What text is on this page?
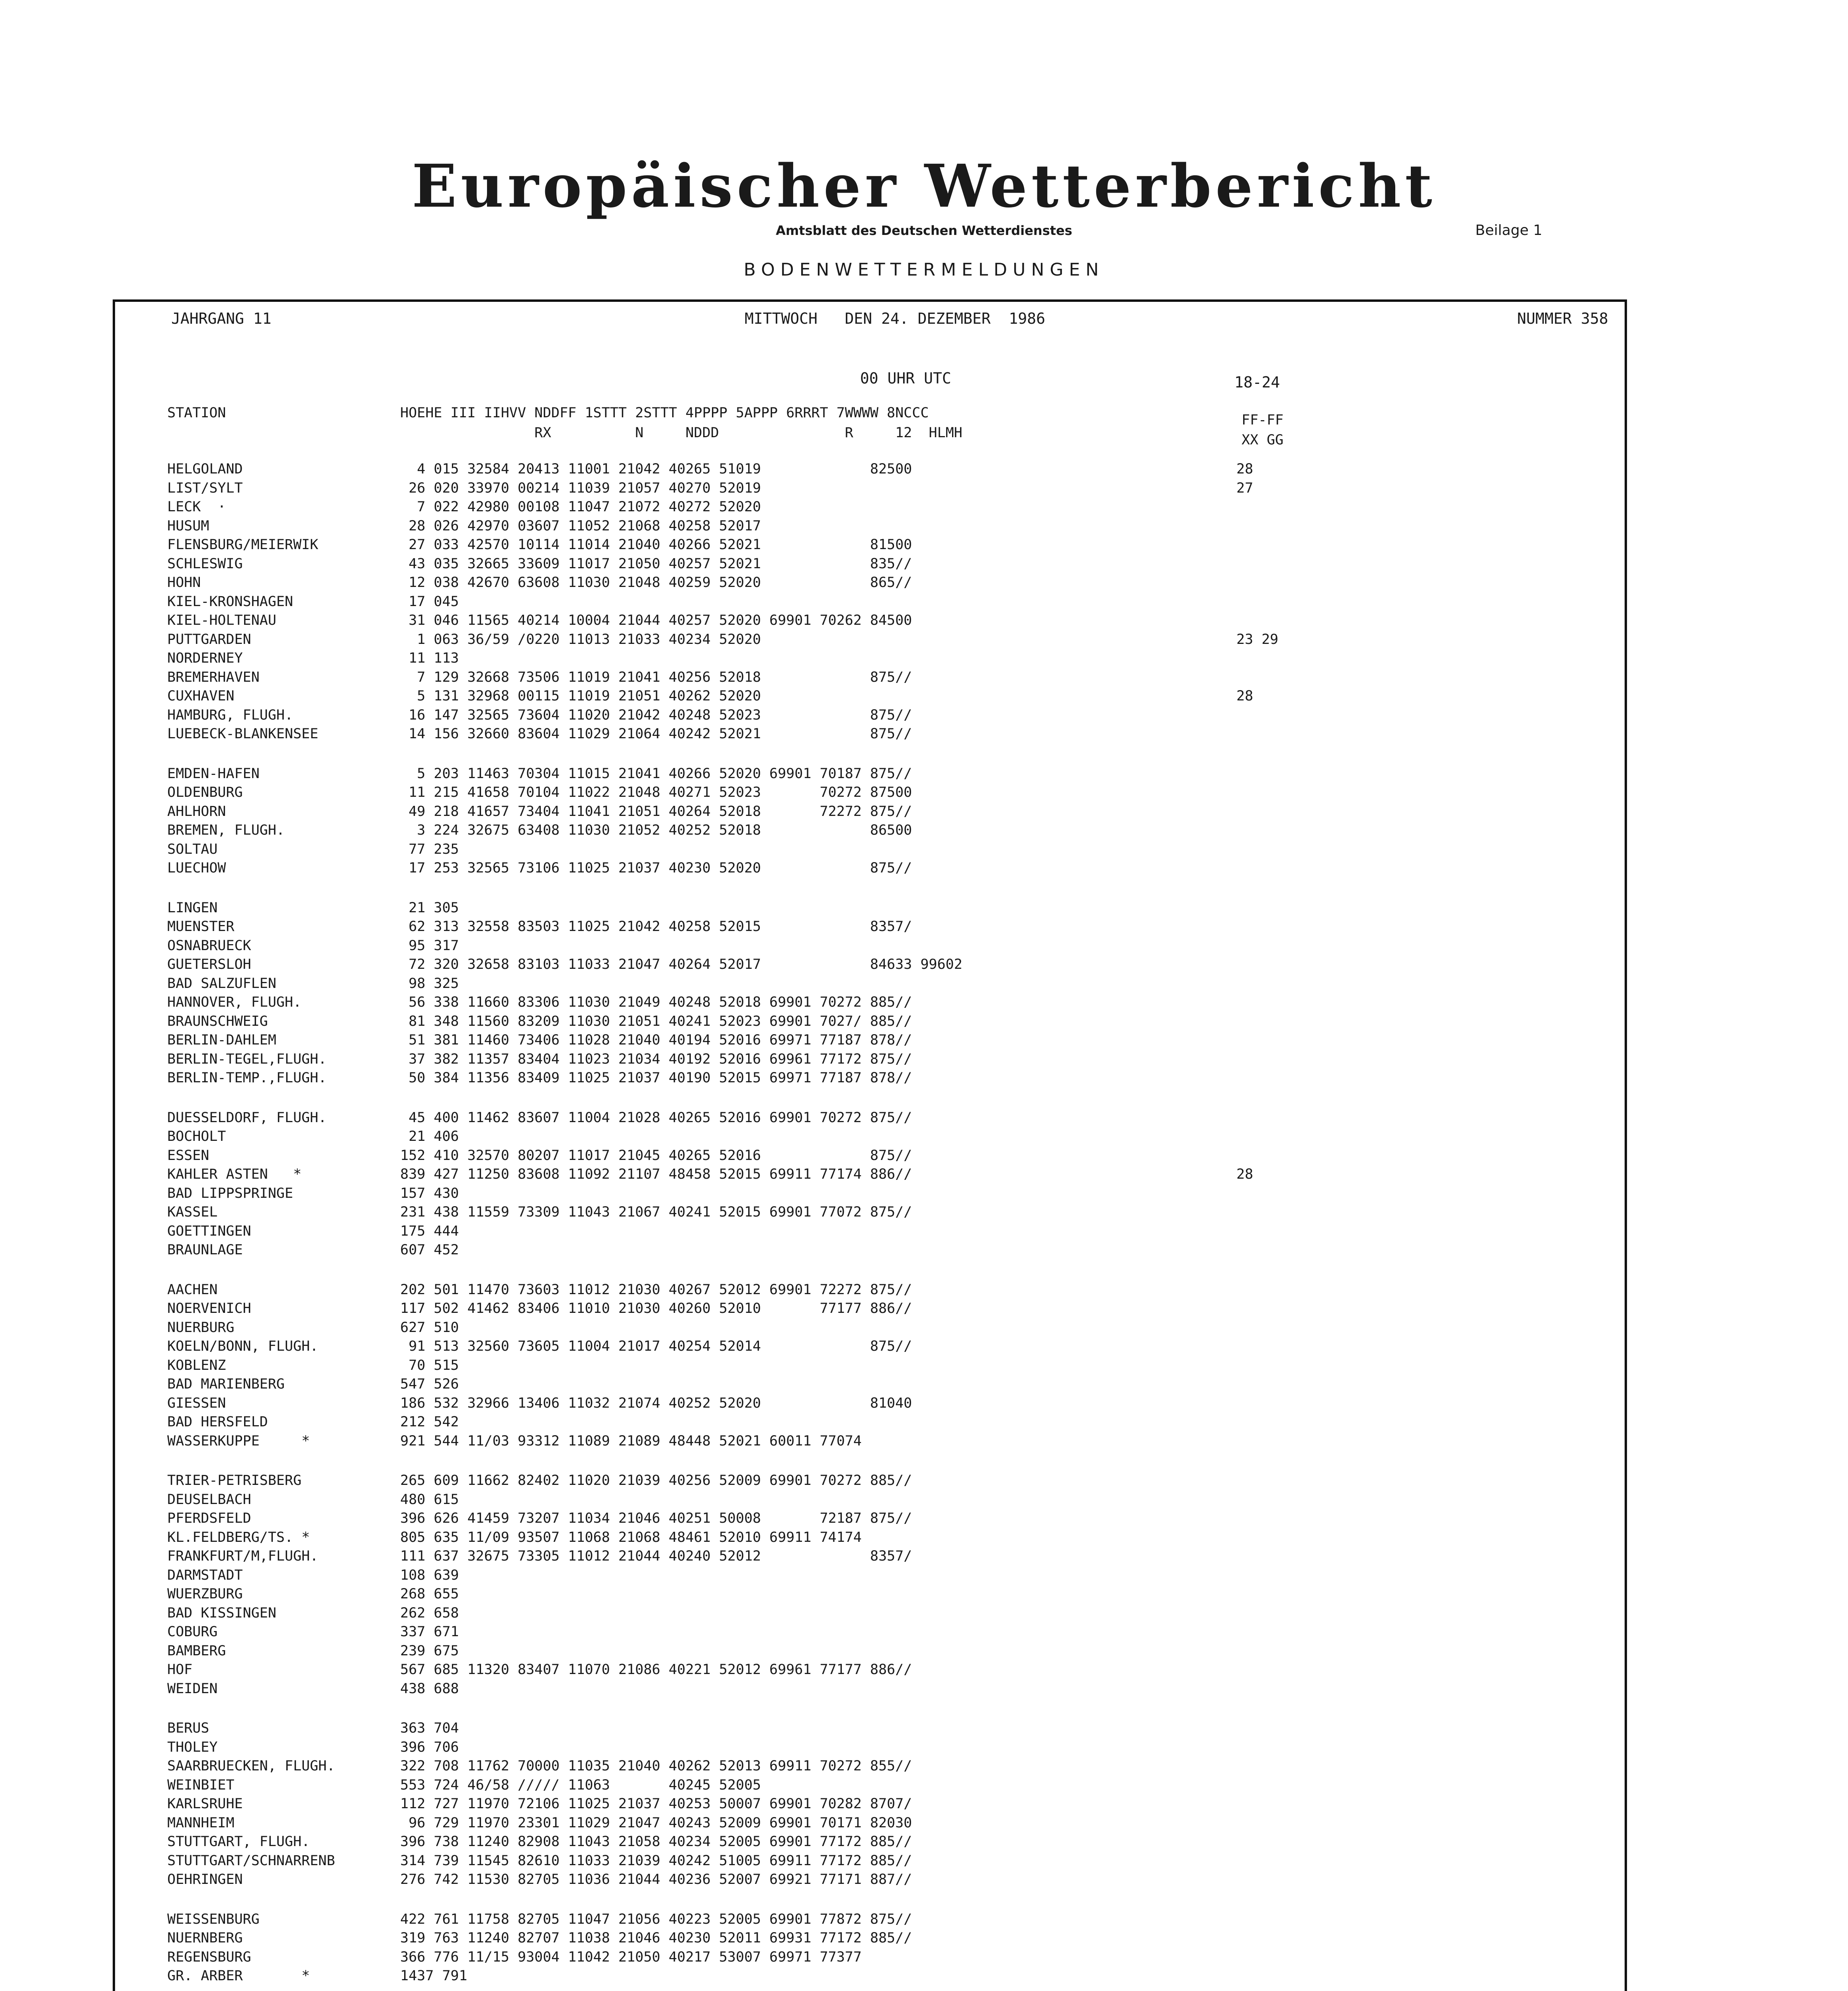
Europäischer Wetterbericht
Amtsblatt des Deutschen Wetterdienstes	Beilage 1
BODENWETTERMELDUNGEN
JAHRGANG 11	MITTWOCH   DEN 24. DEZEMBER  1986	NUMMER 358
00 UHR UTC	18-24
STATION	HOEHE III IIHVV NDDFF 1STTT 2STTT 4PPPP 5APPP 6RRRT 7WWWW 8NCCC
RX          N     NDDD               R     12  HLMH
FF-FF
XX GG
HELGOLAND	4 015 32584 20413 11001 21042 40265 51019             82500	28
LIST/SYLT	26 020 33970 00214 11039 21057 40270 52019	27
LECK  ·	7 022 42980 00108 11047 21072 40272 52020
HUSUM	28 026 42970 03607 11052 21068 40258 52017
FLENSBURG/MEIERWIK	27 033 42570 10114 11014 21040 40266 52021             81500
SCHLESWIG	43 035 32665 33609 11017 21050 40257 52021             835//
HOHN	12 038 42670 63608 11030 21048 40259 52020             865//
KIEL-KRONSHAGEN	17 045
KIEL-HOLTENAU	31 046 11565 40214 10004 21044 40257 52020 69901 70262 84500
PUTTGARDEN	1 063 36/59 /0220 11013 21033 40234 52020	23 29
NORDERNEY	11 113
BREMERHAVEN	7 129 32668 73506 11019 21041 40256 52018             875//
CUXHAVEN	5 131 32968 00115 11019 21051 40262 52020	28
HAMBURG, FLUGH.	16 147 32565 73604 11020 21042 40248 52023             875//
LUEBECK-BLANKENSEE	14 156 32660 83604 11029 21064 40242 52021             875//
EMDEN-HAFEN	5 203 11463 70304 11015 21041 40266 52020 69901 70187 875//
OLDENBURG	11 215 41658 70104 11022 21048 40271 52023       70272 87500
AHLHORN	49 218 41657 73404 11041 21051 40264 52018       72272 875//
BREMEN, FLUGH.	3 224 32675 63408 11030 21052 40252 52018             86500
SOLTAU	77 235
LUECHOW	17 253 32565 73106 11025 21037 40230 52020             875//
LINGEN	21 305
MUENSTER	62 313 32558 83503 11025 21042 40258 52015             8357/
OSNABRUECK	95 317
GUETERSLOH	72 320 32658 83103 11033 21047 40264 52017             84633 99602
BAD SALZUFLEN	98 325
HANNOVER, FLUGH.	56 338 11660 83306 11030 21049 40248 52018 69901 70272 885//
BRAUNSCHWEIG	81 348 11560 83209 11030 21051 40241 52023 69901 7027/ 885//
BERLIN-DAHLEM	51 381 11460 73406 11028 21040 40194 52016 69971 77187 878//
BERLIN-TEGEL,FLUGH.	37 382 11357 83404 11023 21034 40192 52016 69961 77172 875//
BERLIN-TEMP.,FLUGH.	50 384 11356 83409 11025 21037 40190 52015 69971 77187 878//
DUESSELDORF, FLUGH.	45 400 11462 83607 11004 21028 40265 52016 69901 70272 875//
BOCHOLT	21 406
ESSEN	152 410 32570 80207 11017 21045 40265 52016             875//
KAHLER ASTEN   *	839 427 11250 83608 11092 21107 48458 52015 69911 77174 886//	28
BAD LIPPSPRINGE	157 430
KASSEL	231 438 11559 73309 11043 21067 40241 52015 69901 77072 875//
GOETTINGEN	175 444
BRAUNLAGE	607 452
AACHEN	202 501 11470 73603 11012 21030 40267 52012 69901 72272 875//
NOERVENICH	117 502 41462 83406 11010 21030 40260 52010       77177 886//
NUERBURG	627 510
KOELN/BONN, FLUGH.	91 513 32560 73605 11004 21017 40254 52014             875//
KOBLENZ	70 515
BAD MARIENBERG	547 526
GIESSEN	186 532 32966 13406 11032 21074 40252 52020             81040
BAD HERSFELD	212 542
WASSERKUPPE     *	921 544 11/03 93312 11089 21089 48448 52021 60011 77074
TRIER-PETRISBERG	265 609 11662 82402 11020 21039 40256 52009 69901 70272 885//
DEUSELBACH	480 615
PFERDSFELD	396 626 41459 73207 11034 21046 40251 50008       72187 875//
KL.FELDBERG/TS. *	805 635 11/09 93507 11068 21068 48461 52010 69911 74174
FRANKFURT/M,FLUGH.	111 637 32675 73305 11012 21044 40240 52012             8357/
DARMSTADT	108 639
WUERZBURG	268 655
BAD KISSINGEN	262 658
COBURG	337 671
BAMBERG	239 675
HOF	567 685 11320 83407 11070 21086 40221 52012 69961 77177 886//
WEIDEN	438 688
BERUS	363 704
THOLEY	396 706
SAARBRUECKEN, FLUGH.	322 708 11762 70000 11035 21040 40262 52013 69911 70272 855//
WEINBIET	553 724 46/58 ///// 11063       40245 52005
KARLSRUHE	112 727 11970 72106 11025 21037 40253 50007 69901 70282 8707/
MANNHEIM	96 729 11970 23301 11029 21047 40243 52009 69901 70171 82030
STUTTGART, FLUGH.	396 738 11240 82908 11043 21058 40234 52005 69901 77172 885//
STUTTGART/SCHNARRENB	314 739 11545 82610 11033 21039 40242 51005 69911 77172 885//
OEHRINGEN	276 742 11530 82705 11036 21044 40236 52007 69921 77171 887//
WEISSENBURG	422 761 11758 82705 11047 21056 40223 52005 69901 77872 875//
NUERNBERG	319 763 11240 82707 11038 21046 40230 52011 69931 77172 885//
REGENSBURG	366 776 11/15 93004 11042 21050 40217 53007 69971 77377
GR. ARBER       *	1437 791
